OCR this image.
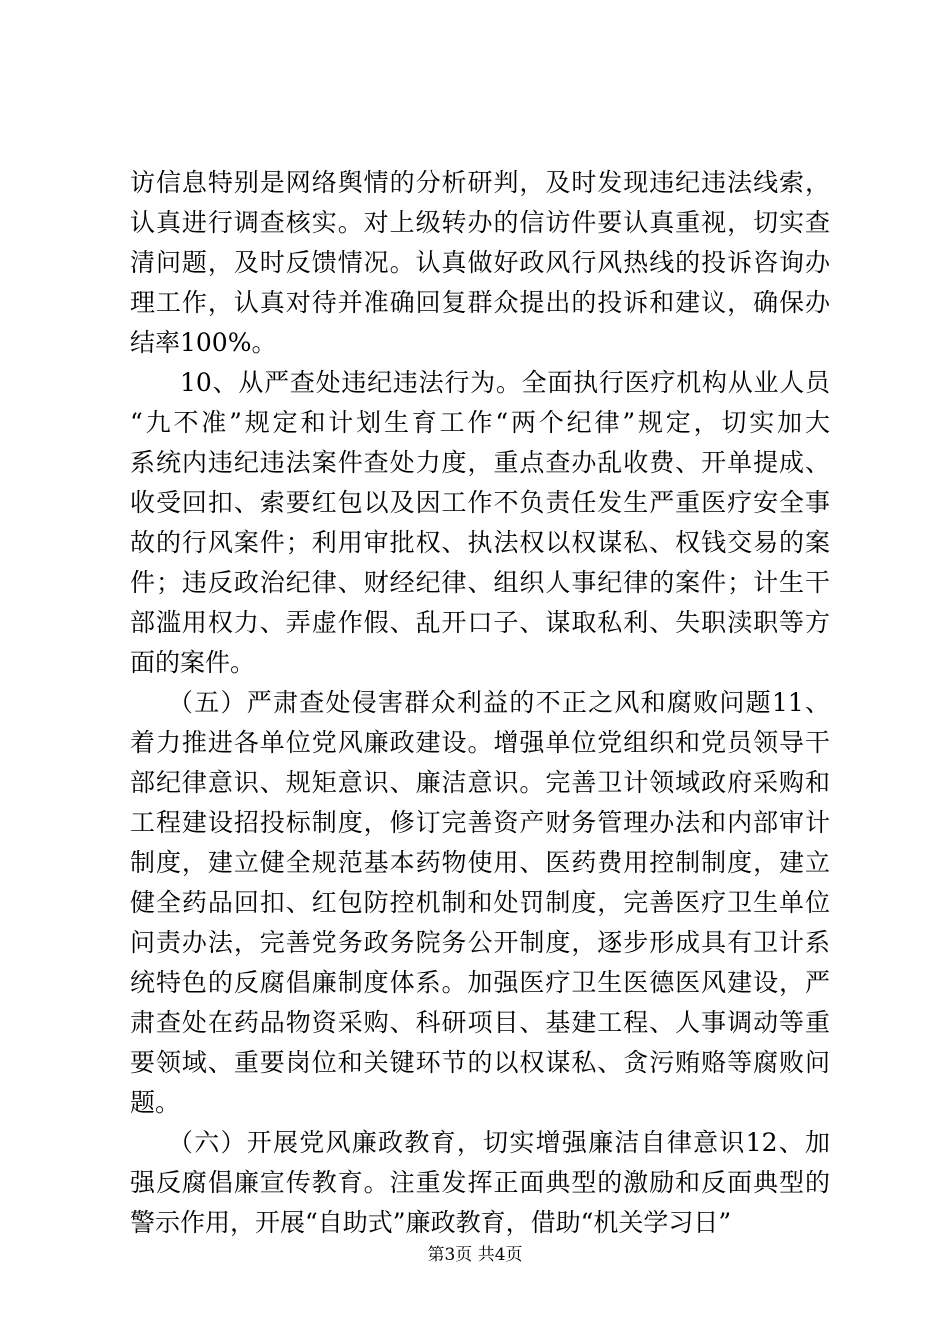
访信息特别是网络舆情的分析研判，及时发现违纪违法线索，
认真进行调查核实。对上级转办的信访件要认真重视，切实查
清问题，及时反馈情况。认真做好政风行风热线的投诉咨询办
理工作，认真对待并准确回复群众提出的投诉和建议，确保办
结率100%。
10、从严查处违纪违法行为。全面执行医疗机构从业人员
“九不准”规定和计划生育工作“两个纪律”规定，切实加大
系统内违纪违法案件查处力度，重点查办乱收费、开单提成、
收受回扣、索要红包以及因工作不负责任发生严重医疗安全事
故的行风案件；利用审批权、执法权以权谋私、权钱交易的案
件；违反政治纪律、财经纪律、组织人事纪律的案件；计生干
部滥用权力、弄虚作假、乱开口子、谋取私利、失职渎职等方
面的案件。
（五）严肃查处侵害群众利益的不正之风和腐败问题11、
着力推进各单位党风廉政建设。增强单位党组织和党员领导干
部纪律意识、规矩意识、廉洁意识。完善卫计领域政府采购和
工程建设招投标制度，修订完善资产财务管理办法和内部审计
制度，建立健全规范基本药物使用、医药费用控制制度，建立
健全药品回扣、红包防控机制和处罚制度，完善医疗卫生单位
问责办法，完善党务政务院务公开制度，逐步形成具有卫计系
统特色的反腐倡廉制度体系。加强医疗卫生医德医风建设，严
肃查处在药品物资采购、科研项目、基建工程、人事调动等重
要领域、重要岗位和关键环节的以权谋私、贪污贿赂等腐败问
题。
（六）开展党风廉政教育，切实增强廉洁自律意识12、加
强反腐倡廉宣传教育。注重发挥正面典型的激励和反面典型的
警示作用，开展“自助式”廉政教育，借助“机关学习日”
第3页 共4页
